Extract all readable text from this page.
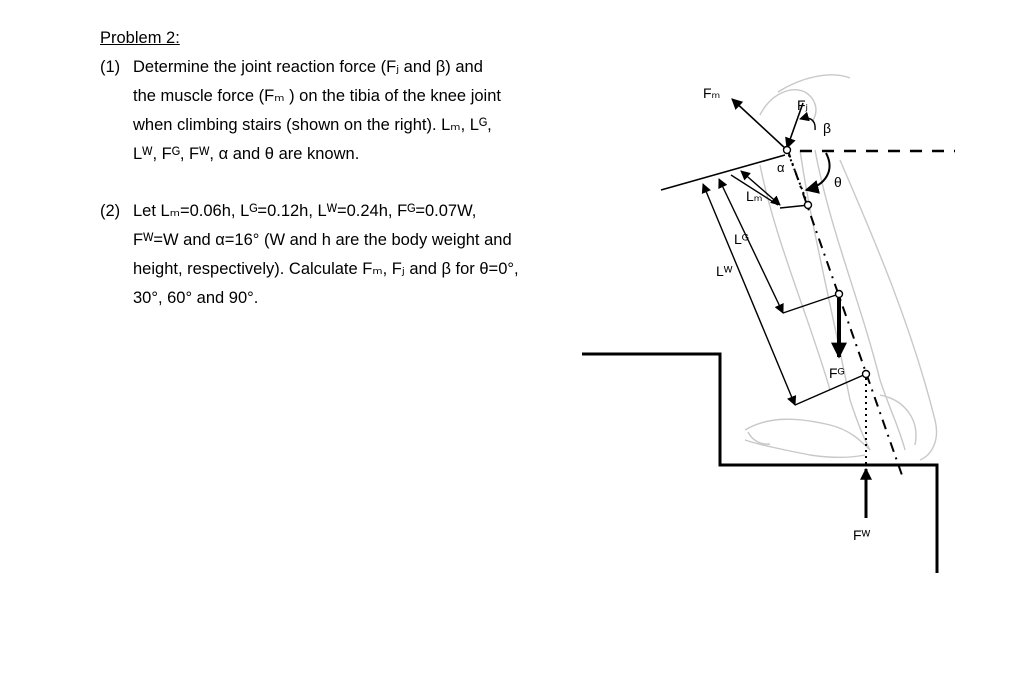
Problem 2:
(1) Determine the joint reaction force (Fⱼ and β) and
the muscle force (Fₘ ) on the tibia of the knee joint
when climbing stairs (shown on the right). Lₘ, Lᴳ,
Lᵂ, Fᴳ, Fᵂ, α and θ are known.
(2) Let Lₘ=0.06h, Lᴳ=0.12h, Lᵂ=0.24h, Fᴳ=0.07W,
Fᵂ=W and α=16° (W and h are the body weight and
height, respectively). Calculate Fₘ, Fⱼ and β for θ=0°,
30°, 60° and 90°.
Fₘ
Fⱼ
β
θ
α
Lₘ
Lᴳ
Lᵂ
Fᴳ
Fᵂ
